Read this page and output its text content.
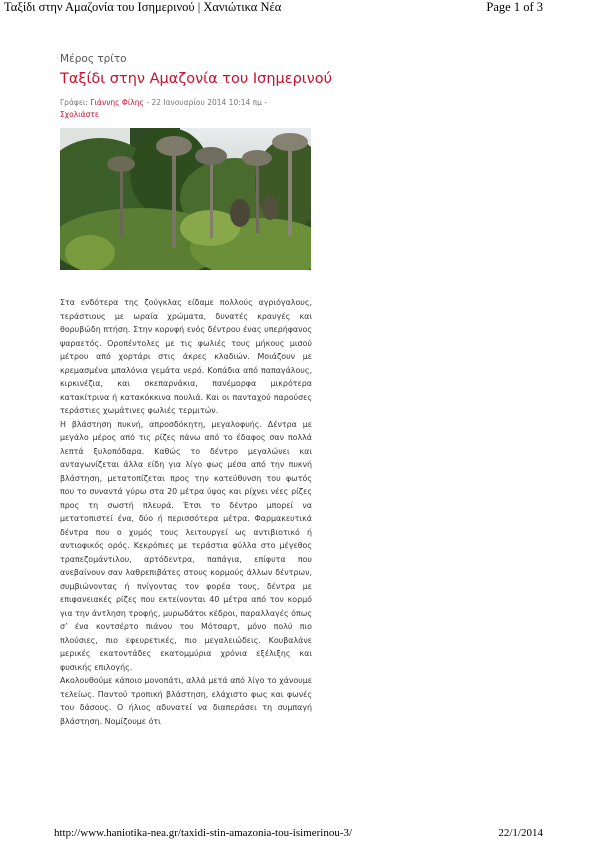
Ταξίδι στην Αμαζονία του Ισημερινού | Χανιώτικα Νέα	Page 1 of 3
Μέρος τρίτο
Ταξίδι στην Αμαζονία του Ισημερινού
Γράφει: Γιάννης Φίλης - 22 Ιανουαρίου 2014 10:14 πμ -
Σχολιάστε

Στα ενδότερα της ζούγκλας είδαμε πολλούς αγριόγαλους, τεράστιους με ωραία χρώματα, δυνατές κραυγές και θορυβώδη πτήση. Στην κορυφή ενός δέντρου ένας υπερήφανος ψαραετός. Οροπέντολες με τις φωλιές τους μήκους μισού μέτρου από χορτάρι στις άκρες κλαδιών. Μοιάζουν με κρεμασμένα μπαλόνια γεμάτα νερό. Κοπάδια από παπαγάλους, κιρκινέζια, και σκεπαρνάκια, πανέμορφα μικρότερα κατακίτρινα ή κατακόκκινα πουλιά. Και οι πανταχού παρούσες τεράστιες χωμάτινες φωλιές τερμιτών.

Η βλάστηση πυκνή, απροσδόκητη, μεγαλοφυής. Δέντρα με μεγάλο μέρος από τις ρίζες πάνω από το έδαφος σαν πολλά λεπτά ξυλοπόδαρα. Καθώς το δέντρο μεγαλώνει και ανταγωνίζεται άλλα είδη για λίγο φως μέσα από την πυκνή βλάστηση, μετατοπίζεται προς την κατεύθυνση του φωτός που το συναντά γύρω στα 20 μέτρα ύψος και ρίχνει νέες ρίζες προς τη σωστή πλευρά. Έτσι το δέντρο μπορεί να μετατοπιστεί ένα, δύο ή περισσότερα μέτρα. Φαρμακευτικά δέντρα που ο χυμός τους λειτουργεί ως αντιβιοτικό ή αντιοφικός ορός. Κεκρόπιες με τεράστια φύλλα στο μέγεθος τραπεζομάντιλου, αρτόδεντρα, παπάγια, επίφυτα που ανεβαίνουν σαν λαθρεπιβάτες στους κορμούς άλλων δέντρων, συμβιώνοντας ή πνίγοντας τον φορέα τους, δέντρα με επιφανειακές ρίζες που εκτείνονται 40 μέτρα από τον κορμό για την άντληση τροφής, μυρωδάτοι κέδροι, παραλλαγές όπως σ’ ένα κοντσέρτο πιάνου του Μότσαρτ, μόνο πολύ πιο πλούσιες, πιο εφευρετικές, πιο μεγαλειώδεις. Κουβαλάνε μερικές εκατοντάδες εκατομμύρια χρόνια εξέλιξης και φυσικής επιλογής.

Ακολουθούμε κάποιο μονοπάτι, αλλά μετά από λίγο το χάνουμε τελείως. Παντού τροπική βλάστηση, ελάχιστο φως και φωνές του δάσους. Ο ήλιος αδυνατεί να διαπεράσει τη συμπαγή βλάστηση. Νομίζουμε ότι

http://www.haniotika-nea.gr/taxidi-stin-amazonia-tou-isimerinou-3/	22/1/2014
